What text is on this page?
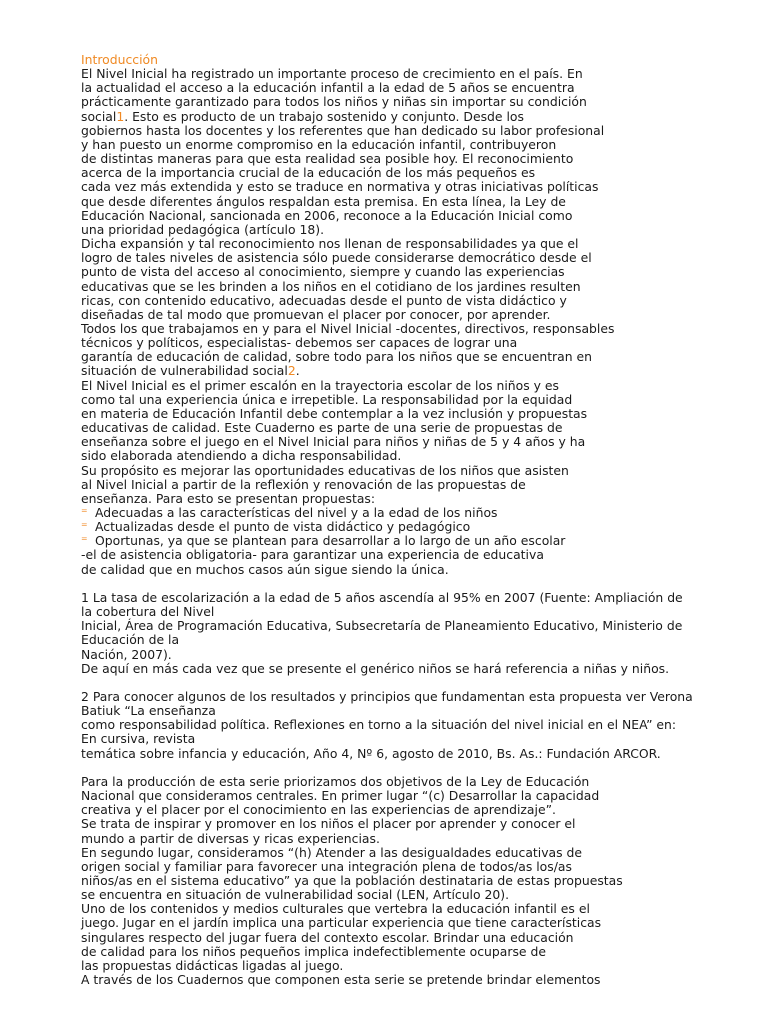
Introducción
El Nivel Inicial ha registrado un importante proceso de crecimiento en el país. En
la actualidad el acceso a la educación infantil a la edad de 5 años se encuentra
prácticamente garantizado para todos los niños y niñas sin importar su condición
social1. Esto es producto de un trabajo sostenido y conjunto. Desde los
gobiernos hasta los docentes y los referentes que han dedicado su labor profesional
y han puesto un enorme compromiso en la educación infantil, contribuyeron
de distintas maneras para que esta realidad sea posible hoy. El reconocimiento
acerca de la importancia crucial de la educación de los más pequeños es
cada vez más extendida y esto se traduce en normativa y otras iniciativas políticas
que desde diferentes ángulos respaldan esta premisa. En esta línea, la Ley de
Educación Nacional, sancionada en 2006, reconoce a la Educación Inicial como
una prioridad pedagógica (artículo 18).
Dicha expansión y tal reconocimiento nos llenan de responsabilidades ya que el
logro de tales niveles de asistencia sólo puede considerarse democrático desde el
punto de vista del acceso al conocimiento, siempre y cuando las experiencias
educativas que se les brinden a los niños en el cotidiano de los jardines resulten
ricas, con contenido educativo, adecuadas desde el punto de vista didáctico y
diseñadas de tal modo que promuevan el placer por conocer, por aprender.
Todos los que trabajamos en y para el Nivel Inicial -docentes, directivos, responsables
técnicos y políticos, especialistas- debemos ser capaces de lograr una
garantía de educación de calidad, sobre todo para los niños que se encuentran en
situación de vulnerabilidad social2.
El Nivel Inicial es el primer escalón en la trayectoria escolar de los niños y es
como tal una experiencia única e irrepetible. La responsabilidad por la equidad
en materia de Educación Infantil debe contemplar a la vez inclusión y propuestas
educativas de calidad. Este Cuaderno es parte de una serie de propuestas de
enseñanza sobre el juego en el Nivel Inicial para niños y niñas de 5 y 4 años y ha
sido elaborada atendiendo a dicha responsabilidad.
Su propósito es mejorar las oportunidades educativas de los niños que asisten
al Nivel Inicial a partir de la reflexión y renovación de las propuestas de
enseñanza. Para esto se presentan propuestas:
⁼ Adecuadas a las características del nivel y a la edad de los niños
⁼ Actualizadas desde el punto de vista didáctico y pedagógico
⁼ Oportunas, ya que se plantean para desarrollar a lo largo de un año escolar
-el de asistencia obligatoria- para garantizar una experiencia de educativa
de calidad que en muchos casos aún sigue siendo la única.
1 La tasa de escolarización a la edad de 5 años ascendía al 95% en 2007 (Fuente: Ampliación de
la cobertura del Nivel
Inicial, Área de Programación Educativa, Subsecretaría de Planeamiento Educativo, Ministerio de
Educación de la
Nación, 2007).
De aquí en más cada vez que se presente el genérico niños se hará referencia a niñas y niños.
2 Para conocer algunos de los resultados y principios que fundamentan esta propuesta ver Verona
Batiuk “La enseñanza
como responsabilidad política. Reflexiones en torno a la situación del nivel inicial en el NEA” en:
En cursiva, revista
temática sobre infancia y educación, Año 4, Nº 6, agosto de 2010, Bs. As.: Fundación ARCOR.
Para la producción de esta serie priorizamos dos objetivos de la Ley de Educación
Nacional que consideramos centrales. En primer lugar “(c) Desarrollar la capacidad
creativa y el placer por el conocimiento en las experiencias de aprendizaje”.
Se trata de inspirar y promover en los niños el placer por aprender y conocer el
mundo a partir de diversas y ricas experiencias.
En segundo lugar, consideramos “(h) Atender a las desigualdades educativas de
origen social y familiar para favorecer una integración plena de todos/as los/as
niños/as en el sistema educativo” ya que la población destinataria de estas propuestas
se encuentra en situación de vulnerabilidad social (LEN, Artículo 20).
Uno de los contenidos y medios culturales que vertebra la educación infantil es el
juego. Jugar en el jardín implica una particular experiencia que tiene características
singulares respecto del jugar fuera del contexto escolar. Brindar una educación
de calidad para los niños pequeños implica indefectiblemente ocuparse de
las propuestas didácticas ligadas al juego.
A través de los Cuadernos que componen esta serie se pretende brindar elementos
